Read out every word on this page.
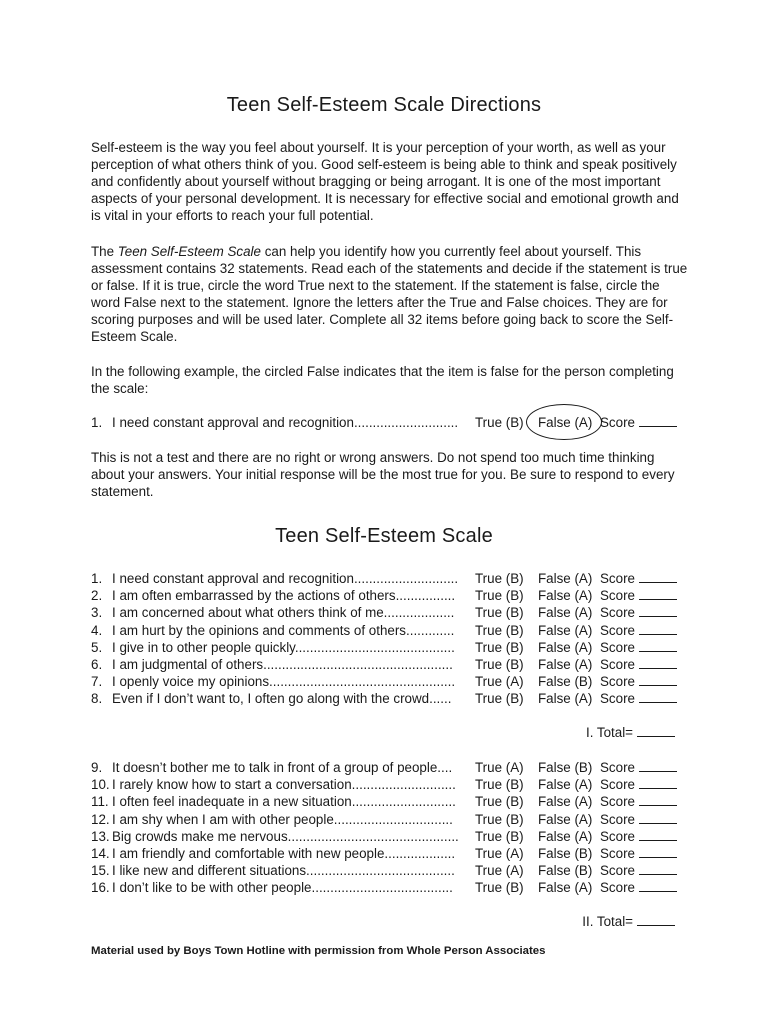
Teen Self-Esteem Scale Directions

Self-esteem is the way you feel about yourself. It is your perception of your worth, as well as your perception of what others think of you. Good self-esteem is being able to think and speak positively and confidently about yourself without bragging or being arrogant. It is one of the most important aspects of your personal development. It is necessary for effective social and emotional growth and is vital in your efforts to reach your full potential.

The Teen Self-Esteem Scale can help you identify how you currently feel about yourself. This assessment contains 32 statements. Read each of the statements and decide if the statement is true or false. If it is true, circle the word True next to the statement. If the statement is false, circle the word False next to the statement. Ignore the letters after the True and False choices. They are for scoring purposes and will be used later. Complete all 32 items before going back to score the Self-Esteem Scale.

In the following example, the circled False indicates that the item is false for the person completing the scale:

1. I need constant approval and recognition............................ True (B) False (A) Score

This is not a test and there are no right or wrong answers. Do not spend too much time thinking about your answers. Your initial response will be the most true for you. Be sure to respond to every statement.

Teen Self-Esteem Scale
1. I need constant approval and recognition............................ True (B) False (A) Score
2. I am often embarrassed by the actions of others................ True (B) False (A) Score
3. I am concerned about what others think of me................... True (B) False (A) Score
4. I am hurt by the opinions and comments of others............. True (B) False (A) Score
5. I give in to other people quickly........................................... True (B) False (A) Score
6. I am judgmental of others................................................... True (B) False (A) Score
7. I openly voice my opinions.................................................. True (A) False (B) Score
8. Even if I don’t want to, I often go along with the crowd...... True (B) False (A) Score
I. Total=
9. It doesn’t bother me to talk in front of a group of people.... True (A) False (B) Score
10. I rarely know how to start a conversation............................ True (B) False (A) Score
11. I often feel inadequate in a new situation............................ True (B) False (A) Score
12. I am shy when I am with other people................................ True (B) False (A) Score
13. Big crowds make me nervous.............................................. True (B) False (A) Score
14. I am friendly and comfortable with new people................... True (A) False (B) Score
15. I like new and different situations........................................ True (A) False (B) Score
16. I don’t like to be with other people...................................... True (B) False (A) Score
II. Total=
Material used by Boys Town Hotline with permission from Whole Person Associates
